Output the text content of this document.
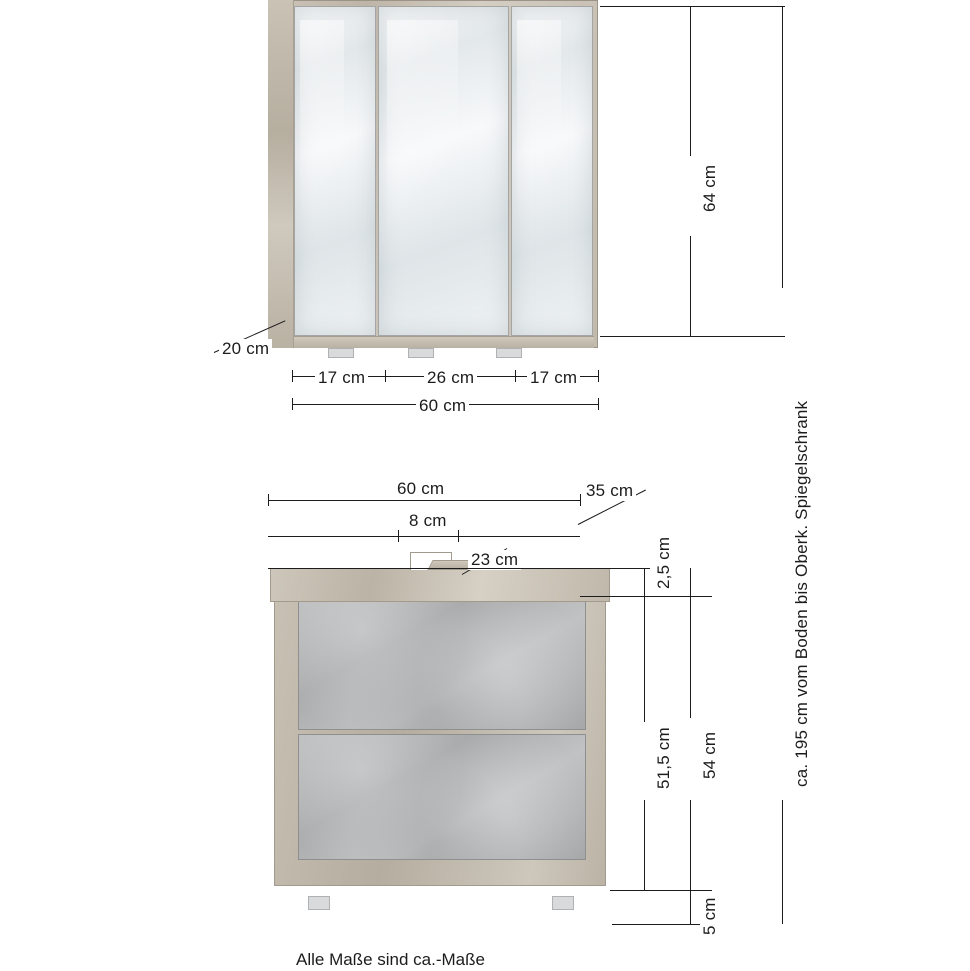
64 cm
20 cm
17 cm	26 cm	17 cm
60 cm
60 cm	35 cm
8 cm
23 cm	2,5 cm
51,5 cm 54 cm
5 cm
ca. 195 cm vom Boden bis Oberk. Spiegelschrank
Alle Maße sind ca.-Maße
